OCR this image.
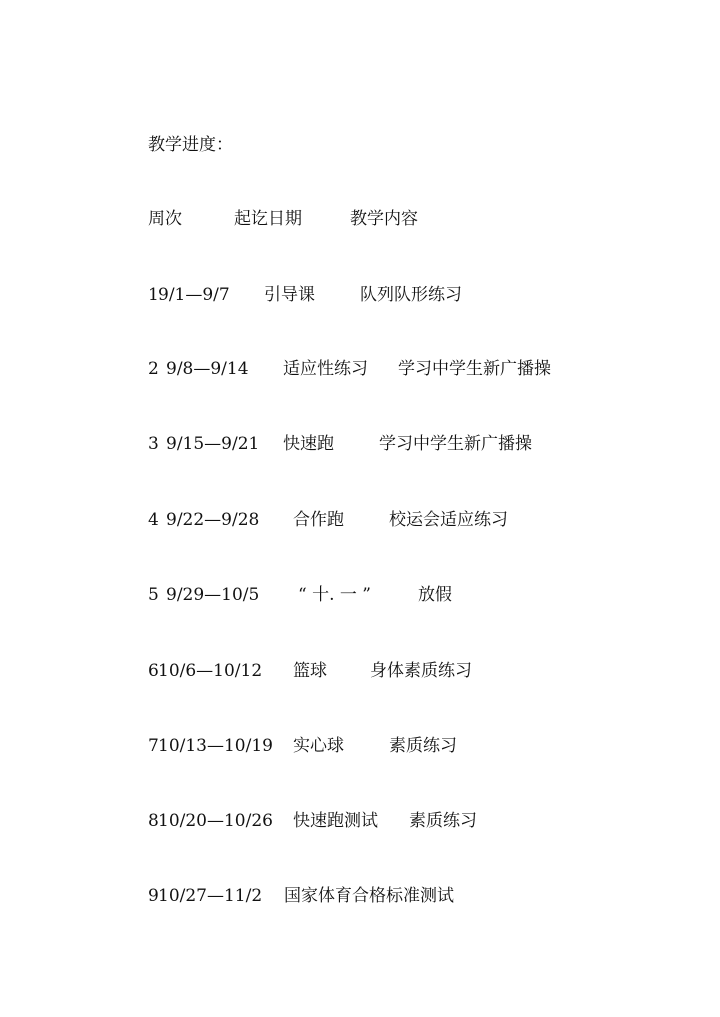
教学进度：
周次	起讫日期	教学内容
1 9/1—9/7 引导课	队列队形练习
2 9/8—9/14 适应性练习 学习中学生新广播操
3 9/15—9/21 快速跑	学习中学生新广播操
4 9/22—9/28 合作跑	校运会适应练习
5 9/29—10/5 “ 十. 一 ”	放假
6 10/6—10/12 篮球	身体素质练习
7 10/13—10/19 实心球	素质练习
8 10/20—10/26 快速跑测试 素质练习
9 10/27—11/2 国家体育合格标准测试
